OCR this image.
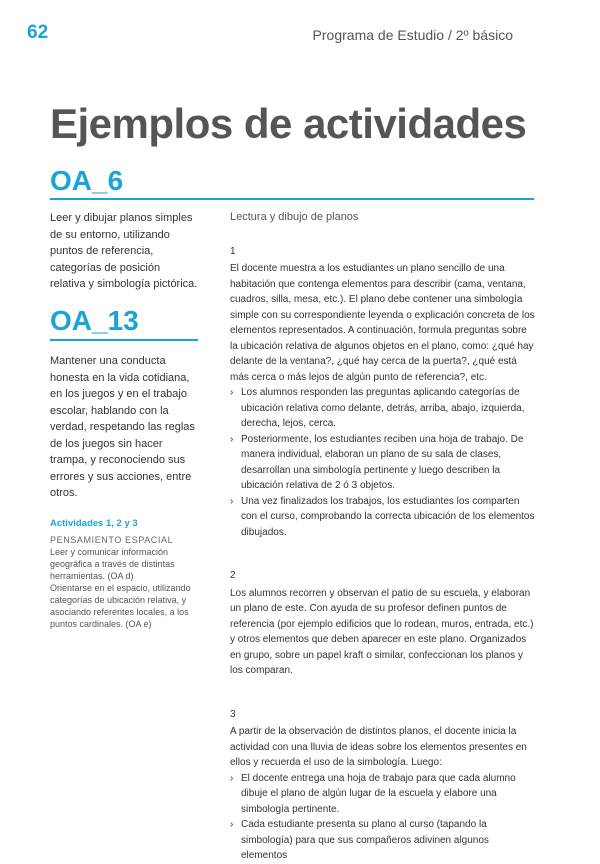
62	Programa de Estudio / 2º básico
Ejemplos de actividades
OA_6

Leer y dibujar planos simples de su entorno, utilizando puntos de referencia, categorías de posición relativa y simbología pictórica.

OA_13

Mantener una conducta honesta en la vida cotidiana, en los juegos y en el trabajo escolar, hablando con la verdad, respetando las reglas de los juegos sin hacer trampa, y reconociendo sus errores y sus acciones, entre otros.

Actividades 1, 2 y 3
PENSAMIENTO ESPACIAL

Leer y comunicar información geográfica a través de distintas herramientas. (OA d)

Orientarse en el espacio, utilizando categorías de ubicación relativa, y asociando referentes locales, a los puntos cardinales. (OA e)

Lectura y dibujo de planos
1

El docente muestra a los estudiantes un plano sencillo de una habitación que contenga elementos para describir (cama, ventana, cuadros, silla, mesa, etc.). El plano debe contener una simbología simple con su correspondiente leyenda o explicación concreta de los elementos representados. A continuación, formula preguntas sobre la ubicación relativa de algunos objetos en el plano, como: ¿qué hay delante de la ventana?, ¿qué hay cerca de la puerta?, ¿qué está más cerca o más lejos de algún punto de referencia?, etc.

› Los alumnos responden las preguntas aplicando categorías de ubicación relativa como delante, detrás, arriba, abajo, izquierda, derecha, lejos, cerca.
› Posteriormente, los estudiantes reciben una hoja de trabajo. De manera individual, elaboran un plano de su sala de clases, desarrollan una simbología pertinente y luego describen la ubicación relativa de 2 ó 3 objetos.
› Una vez finalizados los trabajos, los estudiantes los comparten con el curso, comprobando la correcta ubicación de los elementos dibujados.
2

Los alumnos recorren y observan el patio de su escuela, y elaboran un plano de este. Con ayuda de su profesor definen puntos de referencia (por ejemplo edificios que lo rodean, muros, entrada, etc.) y otros elementos que deben aparecer en este plano. Organizados en grupo, sobre un papel kraft o similar, confeccionan los planos y los comparan.

3

A partir de la observación de distintos planos, el docente inicia la actividad con una lluvia de ideas sobre los elementos presentes en ellos y recuerda el uso de la simbología. Luego:

› El docente entrega una hoja de trabajo para que cada alumno dibuje el plano de algún lugar de la escuela y elabore una simbología pertinente.
› Cada estudiante presenta su plano al curso (tapando la simbología) para que sus compañeros adivinen algunos elementos
